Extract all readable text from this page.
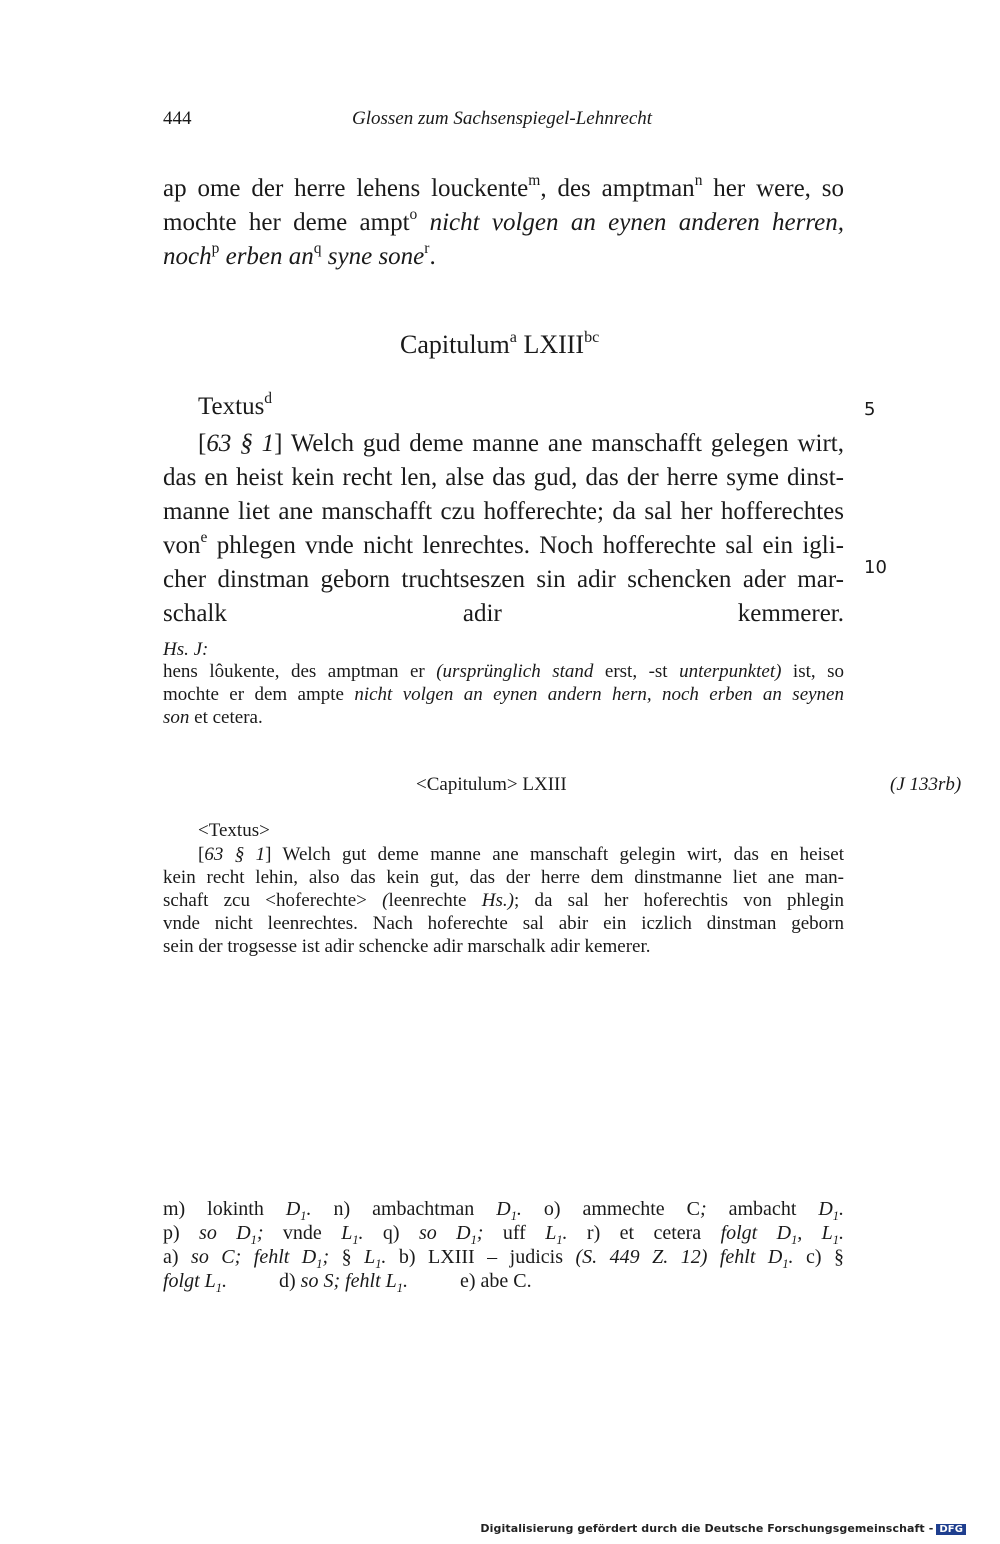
444	Glossen zum Sachsenspiegel-Lehnrecht
ap ome der herre lehens louckente$^m$, des amptman$^n$ her were, so
mochte her deme ampt$^o$ nicht volgen an eynen anderen herren,
noch$^p$ erben $an^q$ syne sone$^r$.
Capitulum$^a$ $LXIII^{bc}$
Textus$^d$
5
10
[63 § 1] Welch gud deme manne ane manschafft gelegen wirt,
das en heist kein recht len, alse das gud, das der herre syme dinst-
manne liet ane manschafft czu hofferechte; da sal her hofferechtes
von$^e$ phlegen vnde nicht lenrechtes. Noch hofferechte sal ein igli-
cher dinstman geborn truchtseszen sin adir schencken ader mar-
schalk adir kemmerer.
Hs. J:
hens lôukente, des amptman er (ursprünglich stand erst, -st unterpunktet) ist, so
mochte er dem ampte nicht volgen an eynen andern hern, noch erben an seynen
son et cetera.
<Capitulum> LXIII	(J 133rb)
<Textus>
[63 § 1] Welch gut deme manne ane manschaft gelegin wirt, das en heiset
kein recht lehin, also das kein gut, das der herre dem dinstmanne liet ane man-
schaft zcu <hoferechte> (leenrechte Hs.); da sal her hoferechtis von phlegin
vnde nicht leenrechtes. Nach hoferechte sal abir ein iczlich dinstman geborn
sein der trogsesse ist adir schencke adir marschalk adir kemerer.
m) lokinth $D_1$. n) ambachtman $D_1$. o) ammechte C; ambacht $D_1$.
p) so $D_1$; vnde $L_1$. q) so $D_1$; uff $L_1$. r) et cetera folgt $D_1$, $L_1$.
a) so C; fehlt $D_1$; § $L_1$. b) LXIII – judicis (S. 449 Z. 12) fehlt $D_1$. c) §
folgt $L_1$.	d) so S; fehlt $L_1$.	e) abe C.
Digitalisierung gefördert durch die Deutsche Forschungsgemeinschaft - DFG
